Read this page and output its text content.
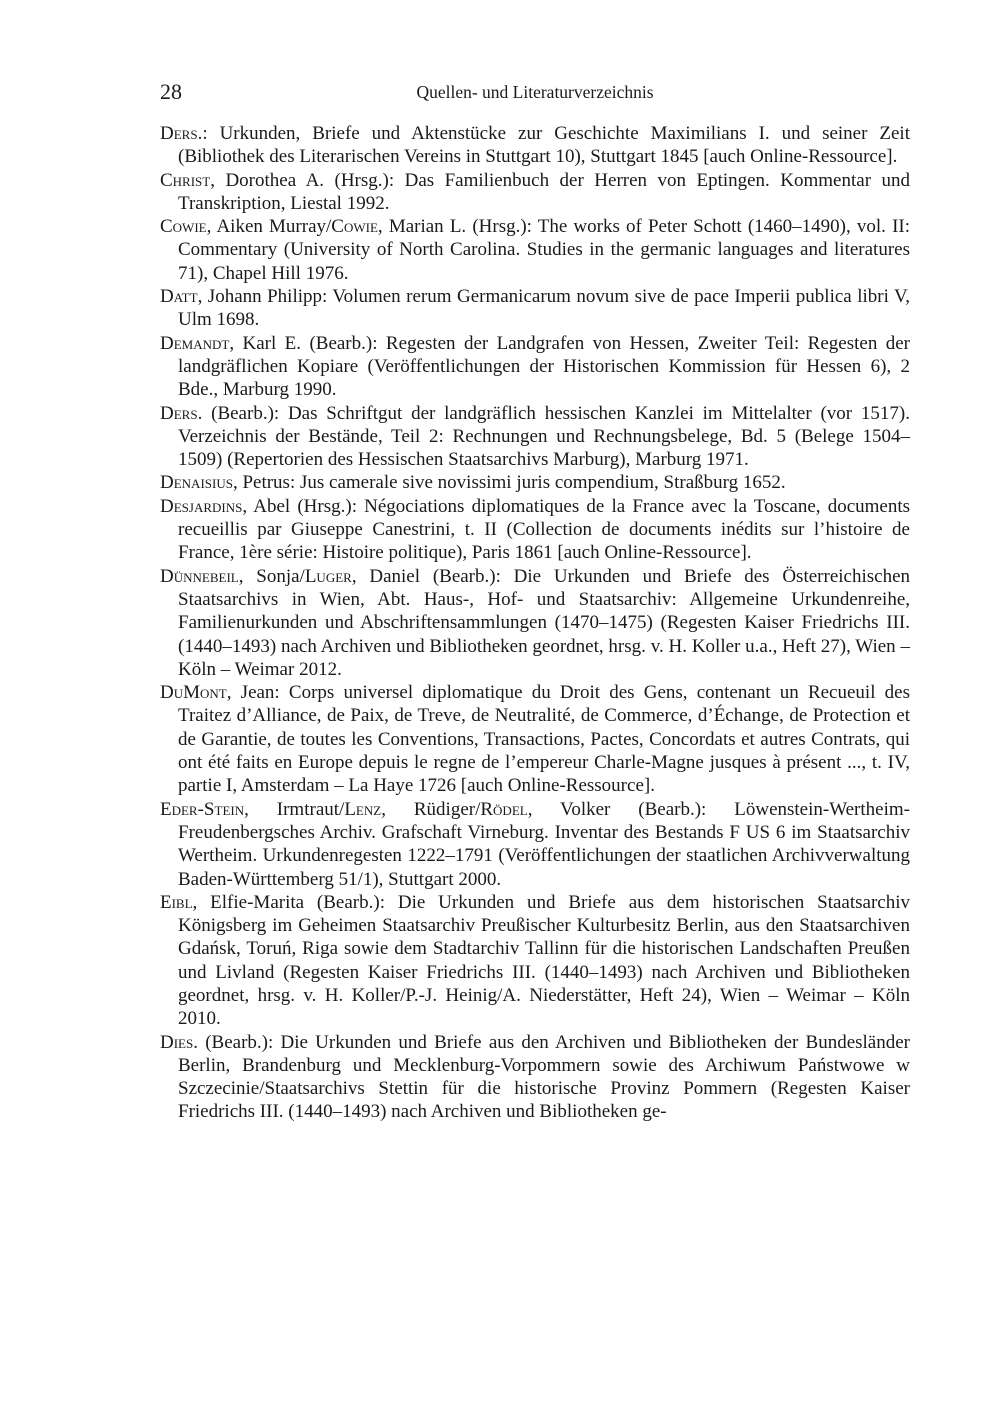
28	Quellen- und Literaturverzeichnis
Ders.: Urkunden, Briefe und Aktenstücke zur Geschichte Maximilians I. und seiner Zeit (Bibliothek des Literarischen Vereins in Stuttgart 10), Stuttgart 1845 [auch Online-Ressource].
Christ, Dorothea A. (Hrsg.): Das Familienbuch der Herren von Eptingen. Kommentar und Transkription, Liestal 1992.
Cowie, Aiken Murray/Cowie, Marian L. (Hrsg.): The works of Peter Schott (1460–1490), vol. II: Commentary (University of North Carolina. Studies in the germanic languages and literatures 71), Chapel Hill 1976.
Datt, Johann Philipp: Volumen rerum Germanicarum novum sive de pace Imperii publica libri V, Ulm 1698.
Demandt, Karl E. (Bearb.): Regesten der Landgrafen von Hessen, Zweiter Teil: Regesten der landgräflichen Kopiare (Veröffentlichungen der Historischen Kommission für Hessen 6), 2 Bde., Marburg 1990.
Ders. (Bearb.): Das Schriftgut der landgräflich hessischen Kanzlei im Mittelalter (vor 1517). Verzeichnis der Bestände, Teil 2: Rechnungen und Rechnungsbelege, Bd. 5 (Belege 1504–1509) (Repertorien des Hessischen Staatsarchivs Marburg), Marburg 1971.
Denaisius, Petrus: Jus camerale sive novissimi juris compendium, Straßburg 1652.
Desjardins, Abel (Hrsg.): Négociations diplomatiques de la France avec la Toscane, documents recueillis par Giuseppe Canestrini, t. II (Collection de documents inédits sur l’histoire de France, 1ère série: Histoire politique), Paris 1861 [auch Online-Ressource].
Dünnebeil, Sonja/Luger, Daniel (Bearb.): Die Urkunden und Briefe des Österreichischen Staatsarchivs in Wien, Abt. Haus-, Hof- und Staatsarchiv: Allgemeine Urkundenreihe, Familienurkunden und Abschriftensammlungen (1470–1475) (Regesten Kaiser Friedrichs III. (1440–1493) nach Archiven und Bibliotheken geordnet, hrsg. v. H. Koller u.a., Heft 27), Wien – Köln – Weimar 2012.
DuMont, Jean: Corps universel diplomatique du Droit des Gens, contenant un Recueuil des Traitez d’Alliance, de Paix, de Treve, de Neutralité, de Commerce, d’Échange, de Protection et de Garantie, de toutes les Conventions, Transactions, Pactes, Concordats et autres Contrats, qui ont été faits en Europe depuis le regne de l’empereur Charle-Magne jusques à présent ..., t. IV, partie I, Amsterdam – La Haye 1726 [auch Online-Ressource].
Eder-Stein, Irmtraut/Lenz, Rüdiger/Rödel, Volker (Bearb.): Löwenstein-Wertheim-Freudenbergsches Archiv. Grafschaft Virneburg. Inventar des Bestands F US 6 im Staatsarchiv Wertheim. Urkundenregesten 1222–1791 (Veröffentlichungen der staatlichen Archivverwaltung Baden-Württemberg 51/1), Stuttgart 2000.
Eibl, Elfie-Marita (Bearb.): Die Urkunden und Briefe aus dem historischen Staatsarchiv Königsberg im Geheimen Staatsarchiv Preußischer Kulturbesitz Berlin, aus den Staatsarchiven Gdańsk, Toruń, Riga sowie dem Stadtarchiv Tallinn für die historischen Landschaften Preußen und Livland (Regesten Kaiser Friedrichs III. (1440–1493) nach Archiven und Bibliotheken geordnet, hrsg. v. H. Koller/P.-J. Heinig/A. Niederstätter, Heft 24), Wien – Weimar – Köln 2010.
Dies. (Bearb.): Die Urkunden und Briefe aus den Archiven und Bibliotheken der Bundesländer Berlin, Brandenburg und Mecklenburg-Vorpommern sowie des Archiwum Państwowe w Szczecinie/Staatsarchivs Stettin für die historische Provinz Pommern (Regesten Kaiser Friedrichs III. (1440–1493) nach Archiven und Bibliotheken ge-
